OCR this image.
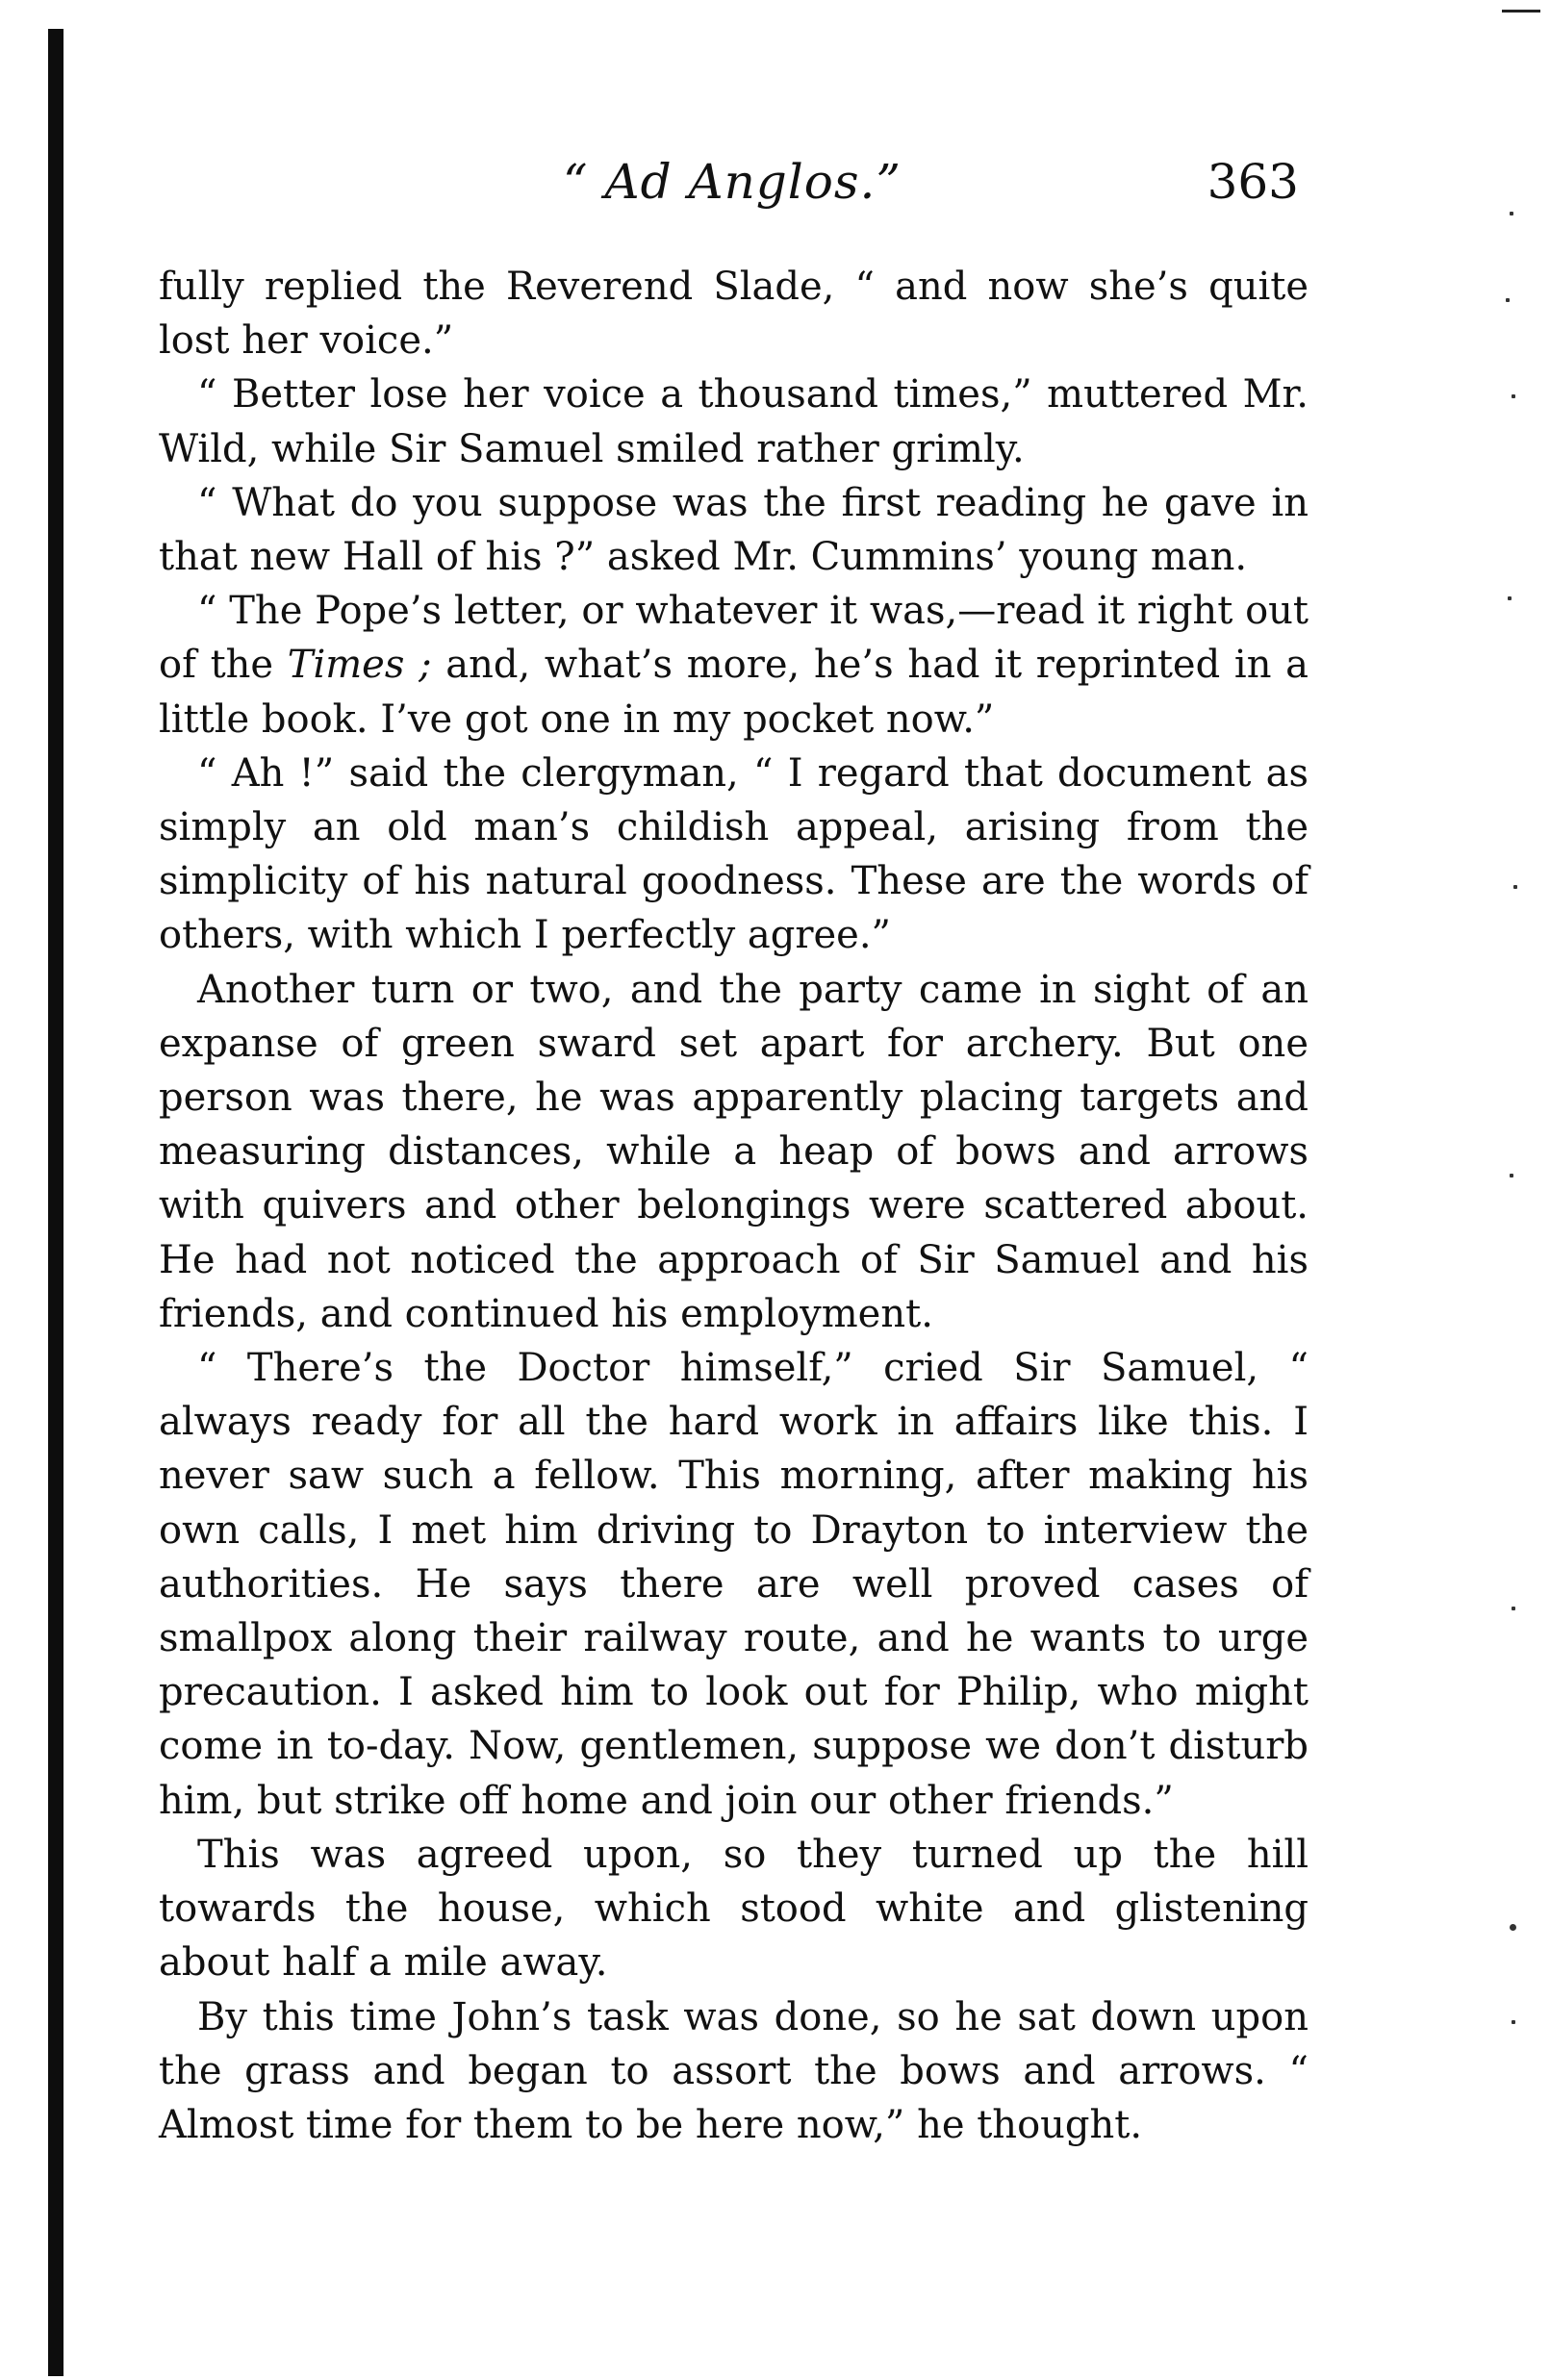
“ Ad Anglos.”	363

fully replied the Reverend Slade, “ and now she’s quite lost her voice.”

“ Better lose her voice a thousand times,” muttered Mr. Wild, while Sir Samuel smiled rather grimly.

“ What do you suppose was the first reading he gave in that new Hall of his ?” asked Mr. Cummins’ young man.

“ The Pope’s letter, or whatever it was,—read it right out of the Times ; and, what’s more, he’s had it reprinted in a little book. I’ve got one in my pocket now.”

“ Ah !” said the clergyman, “ I regard that document as simply an old man’s childish appeal, arising from the simplicity of his natural goodness. These are the words of others, with which I perfectly agree.”

Another turn or two, and the party came in sight of an expanse of green sward set apart for archery. But one person was there, he was apparently placing targets and measuring distances, while a heap of bows and arrows with quivers and other belongings were scattered about. He had not noticed the approach of Sir Samuel and his friends, and continued his employment.

“ There’s the Doctor himself,” cried Sir Samuel, “ always ready for all the hard work in affairs like this. I never saw such a fellow. This morning, after making his own calls, I met him driving to Drayton to interview the authorities. He says there are well proved cases of smallpox along their railway route, and he wants to urge precaution. I asked him to look out for Philip, who might come in to-day. Now, gentlemen, suppose we don’t disturb him, but strike off home and join our other friends.”

This was agreed upon, so they turned up the hill towards the house, which stood white and glistening about half a mile away.

By this time John’s task was done, so he sat down upon the grass and began to assort the bows and arrows. “ Almost time for them to be here now,” he thought.
